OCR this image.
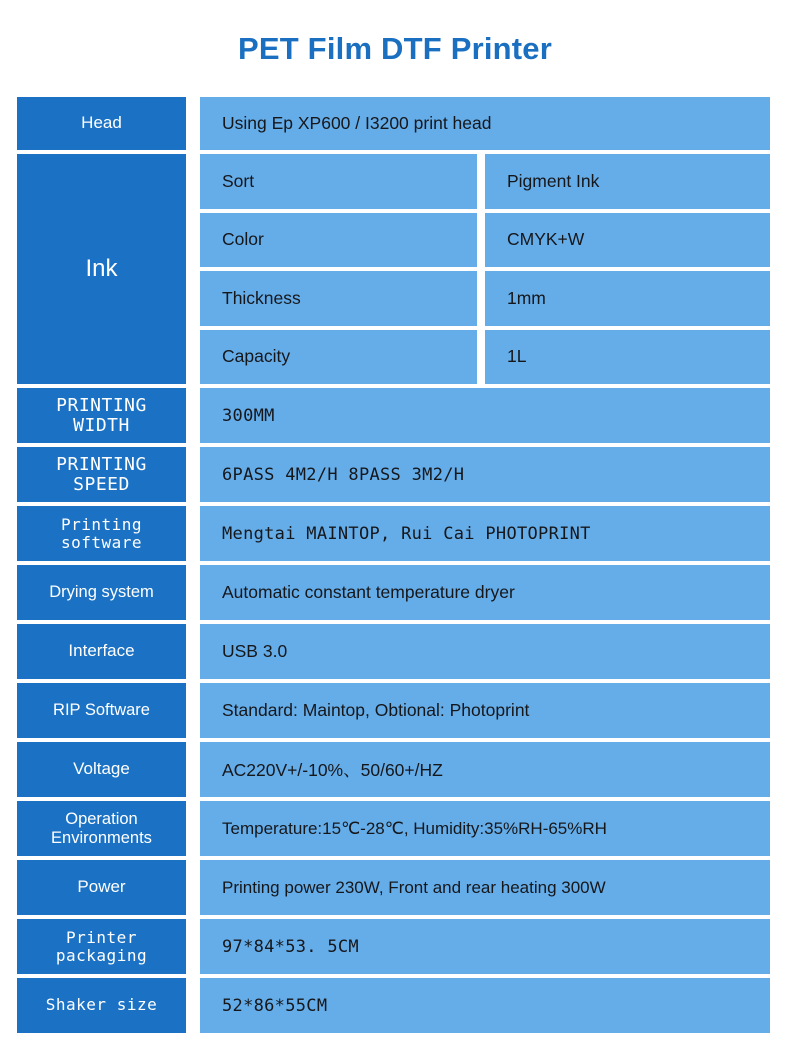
PET Film DTF Printer
Head	Using Ep XP600 / I3200 print head
Ink
Sort	Pigment Ink
Color	CMYK+W
Thickness	1mm
Capacity	1L
PRINTING
WIDTH	300MM
PRINTING
SPEED	6PASS 4M2/H 8PASS 3M2/H
Printing
software	Mengtai MAINTOP, Rui Cai PHOTOPRINT
Drying system	Automatic constant temperature dryer
Interface	USB 3.0
RIP Software	Standard: Maintop, Obtional: Photoprint
Voltage	AC220V+/-10%、50/60+/HZ
Operation
Environments	Temperature:15℃-28℃, Humidity:35%RH-65%RH
Power	Printing power 230W, Front and rear heating 300W
Printer
packaging	97*84*53. 5CM
Shaker size	52*86*55CM
